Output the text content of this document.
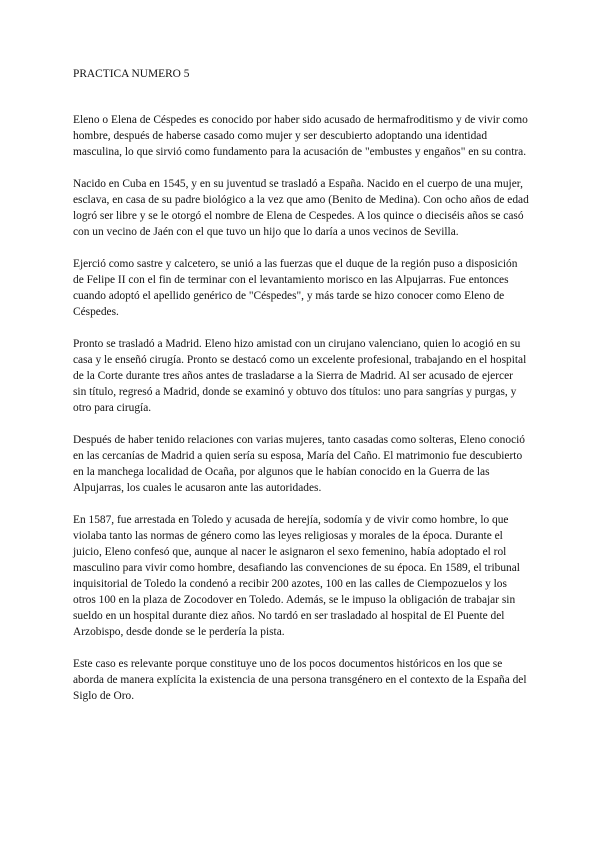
PRACTICA NUMERO 5

Eleno o Elena de Céspedes es conocido por haber sido acusado de hermafroditismo y de vivir como hombre, después de haberse casado como mujer y ser descubierto adoptando una identidad masculina, lo que sirvió como fundamento para la acusación de "embustes y engaños" en su contra.

Nacido en Cuba en 1545, y en su juventud se trasladó a España. Nacido en el cuerpo de una mujer, esclava, en casa de su padre biológico a la vez que amo (Benito de Medina). Con ocho años de edad logró ser libre y se le otorgó el nombre de Elena de Cespedes. A los quince o dieciséis años se casó con un vecino de Jaén con el que tuvo un hijo que lo daría a unos vecinos de Sevilla.

Ejerció como sastre y calcetero, se unió a las fuerzas que el duque de la región puso a disposición de Felipe II con el fin de terminar con el levantamiento morisco en las Alpujarras. Fue entonces cuando adoptó el apellido genérico de "Céspedes", y más tarde se hizo conocer como Eleno de Céspedes.

Pronto se trasladó a Madrid. Eleno hizo amistad con un cirujano valenciano, quien lo acogió en su casa y le enseñó cirugía. Pronto se destacó como un excelente profesional, trabajando en el hospital de la Corte durante tres años antes de trasladarse a la Sierra de Madrid. Al ser acusado de ejercer sin título, regresó a Madrid, donde se examinó y obtuvo dos títulos: uno para sangrías y purgas, y otro para cirugía.

Después de haber tenido relaciones con varias mujeres, tanto casadas como solteras, Eleno conoció en las cercanías de Madrid a quien sería su esposa, María del Caño. El matrimonio fue descubierto en la manchega localidad de Ocaña, por algunos que le habían conocido en la Guerra de las Alpujarras, los cuales le acusaron ante las autoridades.

En 1587, fue arrestada en Toledo y acusada de herejía, sodomía y de vivir como hombre, lo que violaba tanto las normas de género como las leyes religiosas y morales de la época. Durante el juicio, Eleno confesó que, aunque al nacer le asignaron el sexo femenino, había adoptado el rol masculino para vivir como hombre, desafiando las convenciones de su época. En 1589, el tribunal inquisitorial de Toledo la condenó a recibir 200 azotes, 100 en las calles de Ciempozuelos y los otros 100 en la plaza de Zocodover en Toledo. Además, se le impuso la obligación de trabajar sin sueldo en un hospital durante diez años. No tardó en ser trasladado al hospital de El Puente del Arzobispo, desde donde se le perdería la pista.

Este caso es relevante porque constituye uno de los pocos documentos históricos en los que se aborda de manera explícita la existencia de una persona transgénero en el contexto de la España del Siglo de Oro.
